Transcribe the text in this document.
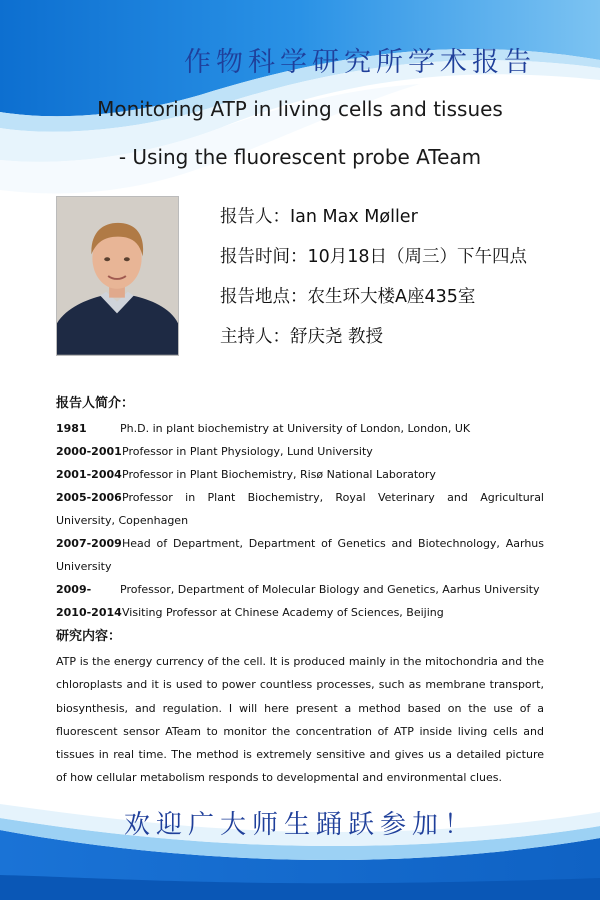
作物科学研究所学术报告
Monitoring ATP in living cells and tissues
- Using the fluorescent probe ATeam
报告人：Ian Max Møller
报告时间：10月18日（周三）下午四点
报告地点：农生环大楼A座435室
主持人：舒庆尧 教授
报告人简介：
1981	Ph.D. in plant biochemistry at University of London, London, UK
2000-2001Professor in Plant Physiology, Lund University
2001-2004Professor in Plant Biochemistry, Risø National Laboratory
2005-2006Professor in Plant Biochemistry, Royal Veterinary and Agricultural University, Copenhagen
2007-2009Head of Department, Department of Genetics and Biotechnology, Aarhus University
2009-	Professor, Department of Molecular Biology and Genetics, Aarhus University
2010-2014Visiting Professor at Chinese Academy of Sciences, Beijing
研究内容：
ATP is the energy currency of the cell. It is produced mainly in the mitochondria and the chloroplasts and it is used to power countless processes, such as membrane transport, biosynthesis, and regulation. I will here present a method based on the use of a fluorescent sensor ATeam to monitor the concentration of ATP inside living cells and tissues in real time. The method is extremely sensitive and gives us a detailed picture of how cellular metabolism responds to developmental and environmental clues.
欢迎广大师生踊跃参加！
